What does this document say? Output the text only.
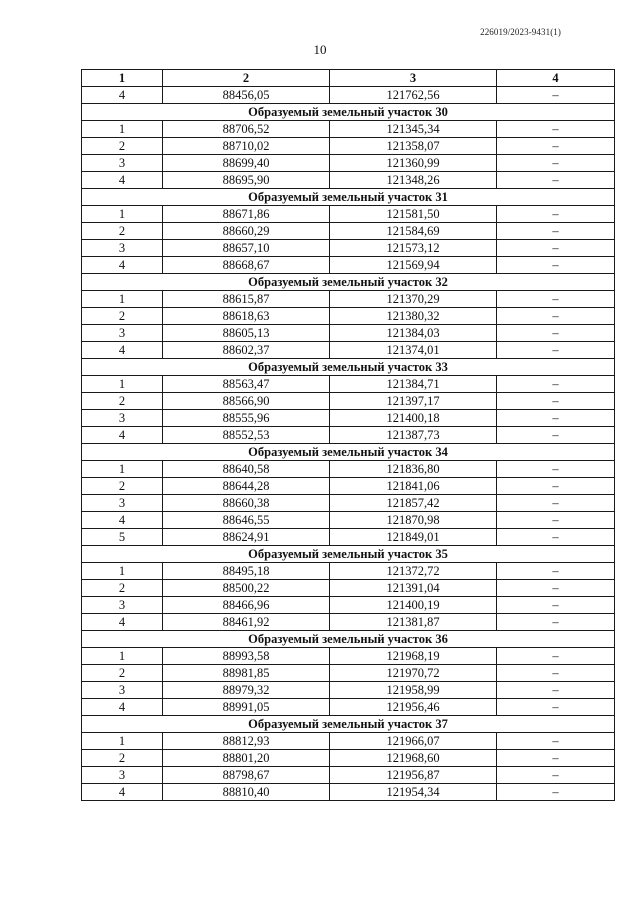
226019/2023-9431(1)
10
1	2	3	4
4	88456,05	121762,56	–
Образуемый земельный участок 30			
1	88706,52	121345,34	–
2	88710,02	121358,07	–
3	88699,40	121360,99	–
4	88695,90	121348,26	–
Образуемый земельный участок 31			
1	88671,86	121581,50	–
2	88660,29	121584,69	–
3	88657,10	121573,12	–
4	88668,67	121569,94	–
Образуемый земельный участок 32			
1	88615,87	121370,29	–
2	88618,63	121380,32	–
3	88605,13	121384,03	–
4	88602,37	121374,01	–
Образуемый земельный участок 33			
1	88563,47	121384,71	–
2	88566,90	121397,17	–
3	88555,96	121400,18	–
4	88552,53	121387,73	–
Образуемый земельный участок 34			
1	88640,58	121836,80	–
2	88644,28	121841,06	–
3	88660,38	121857,42	–
4	88646,55	121870,98	–
5	88624,91	121849,01	–
Образуемый земельный участок 35			
1	88495,18	121372,72	–
2	88500,22	121391,04	–
3	88466,96	121400,19	–
4	88461,92	121381,87	–
Образуемый земельный участок 36			
1	88993,58	121968,19	–
2	88981,85	121970,72	–
3	88979,32	121958,99	–
4	88991,05	121956,46	–
Образуемый земельный участок 37			
1	88812,93	121966,07	–
2	88801,20	121968,60	–
3	88798,67	121956,87	–
4	88810,40	121954,34	–
